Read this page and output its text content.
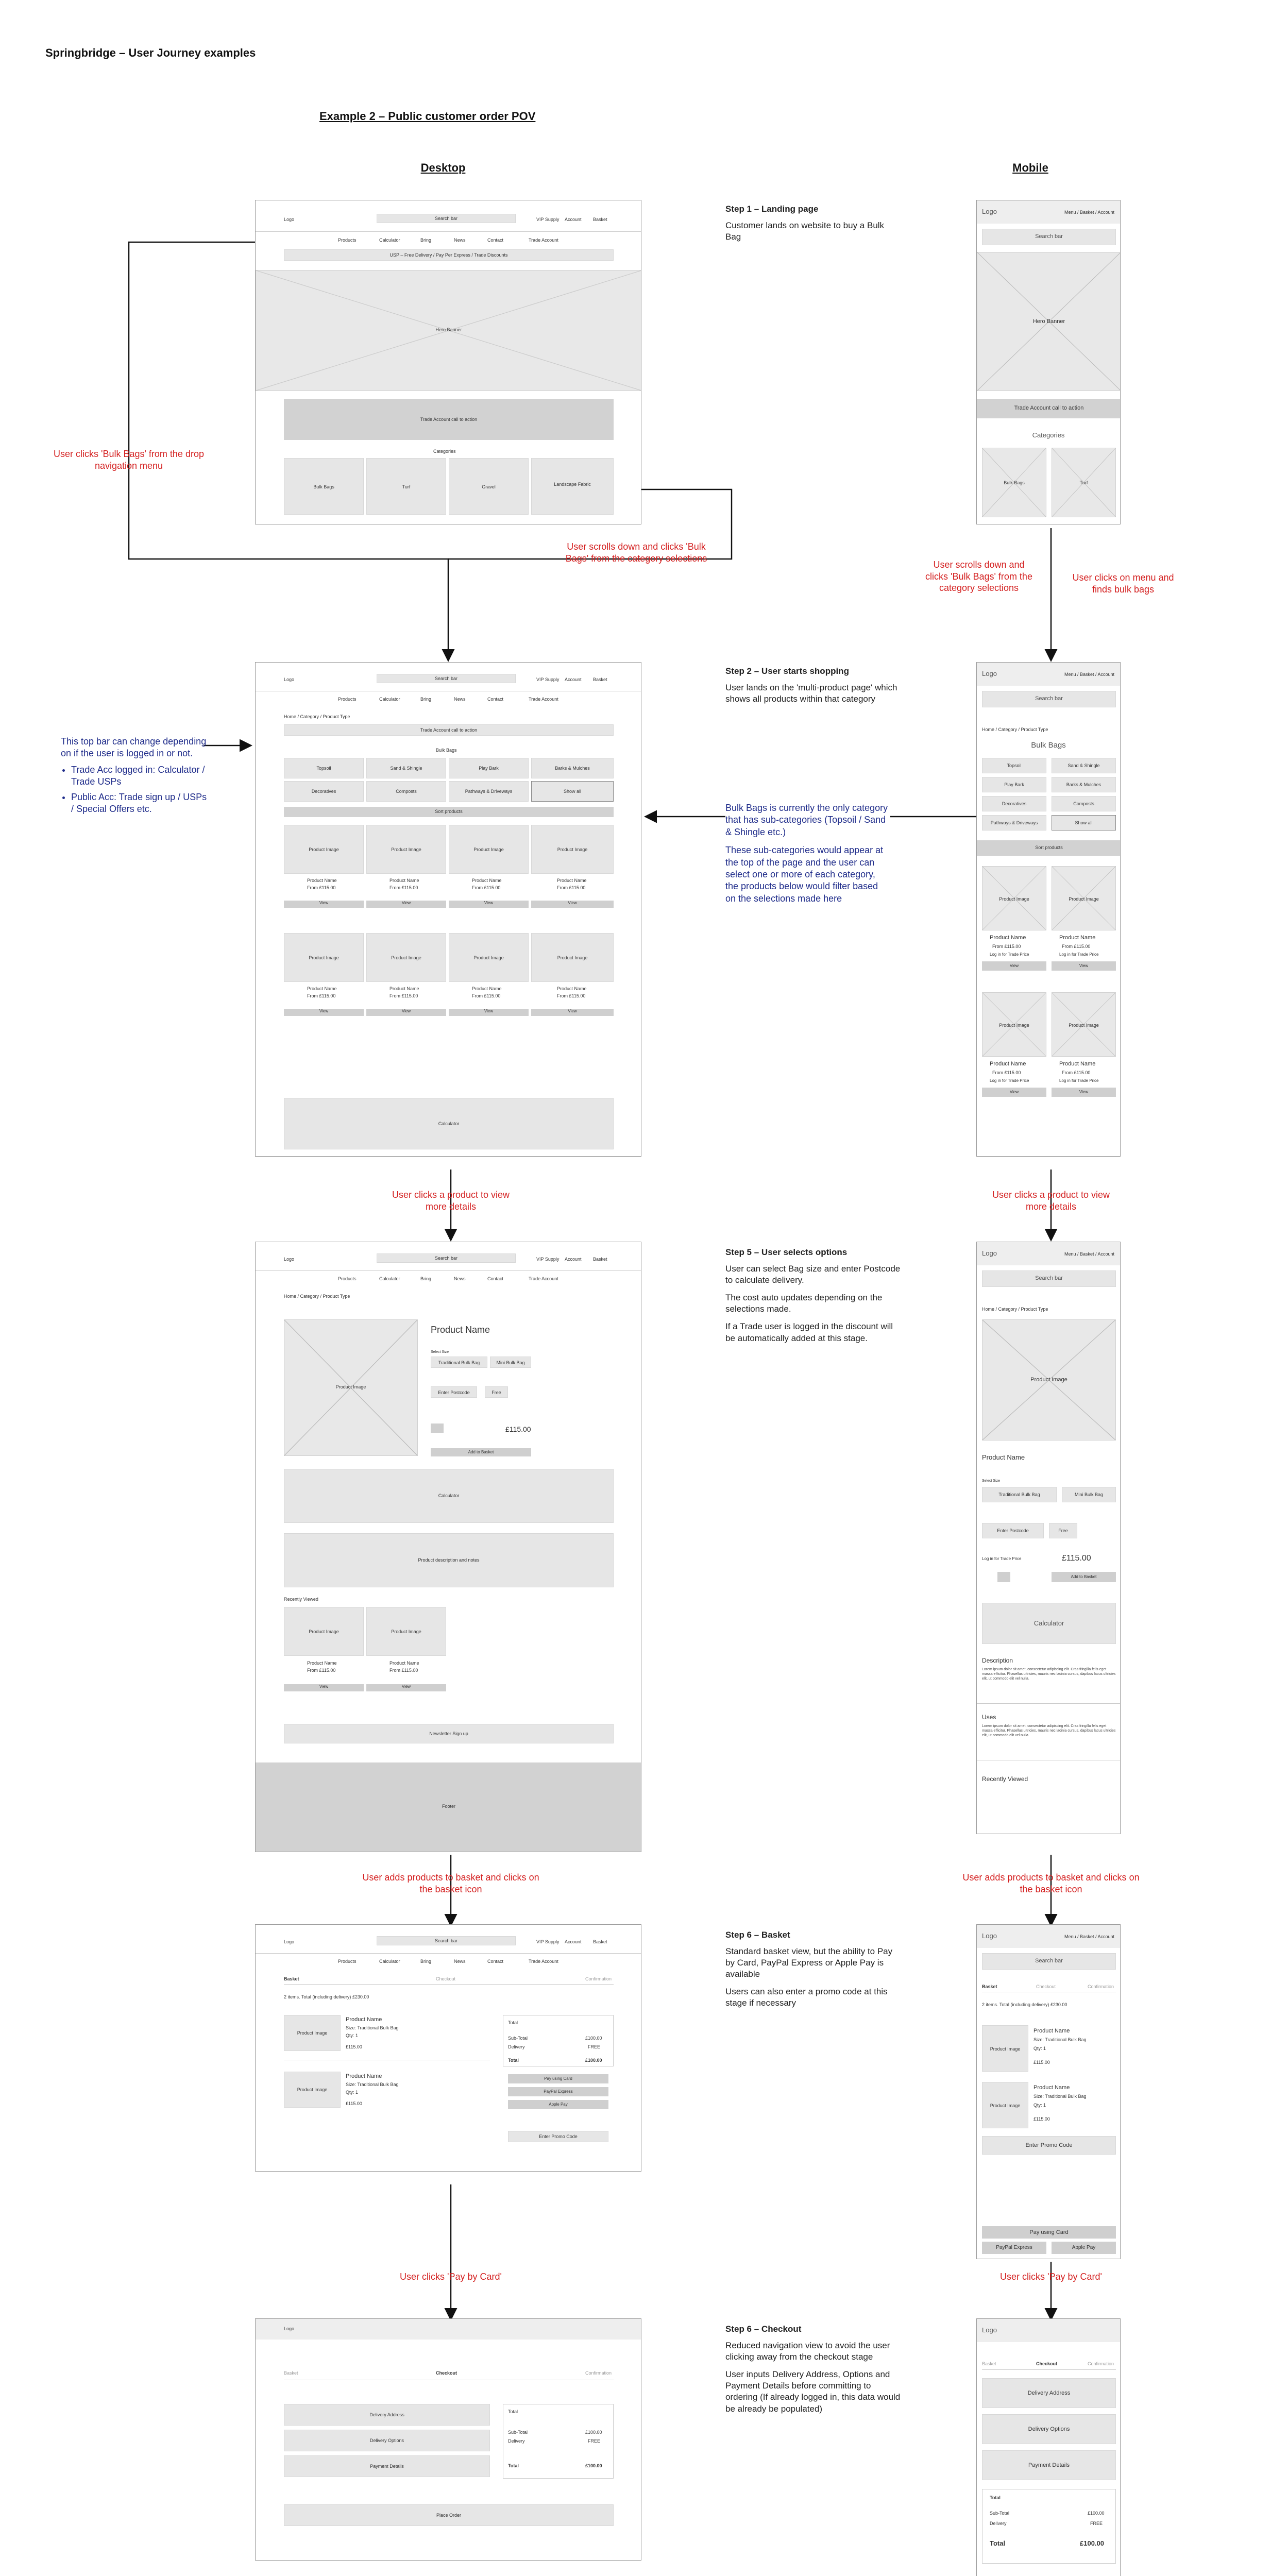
Springbridge – User Journey examples
Example 2 – Public customer order POV
Desktop	Mobile
Step 1 – Landing page

Customer lands on website to buy a Bulk Bag

Step 2 – User starts shopping

User lands on the 'multi-product page' which shows all products within that category

Step 5 – User selects options

User can select Bag size and enter Postcode to calculate delivery.

The cost auto updates depending on the selections made.

If a Trade user is logged in the discount will be automatically added at this stage.

Step 6 – Basket

Standard basket view, but the ability to Pay by Card, PayPal Express or Apple Pay is available

Users can also enter a promo code at this stage if necessary

Step 6 – Checkout

Reduced navigation view to avoid the user clicking away from the checkout stage

User inputs Delivery Address, Options and Payment Details before committing to ordering (If already logged in, this data would be already be populated)

User clicks 'Bulk Bags' from the drop navigation menu
User scrolls down and clicks 'Bulk Bags' from the category selections
User scrolls down and clicks 'Bulk Bags' from the category selections
User clicks on menu and finds bulk bags
User clicks a product to view more details
User clicks a product to view more details
User adds products to basket and clicks on the basket icon
User adds products to basket and clicks on the basket icon
User clicks 'Pay by Card'	User clicks 'Pay by Card'
This top bar can change depending on if the user is logged in or not.
• Trade Acc logged in: Calculator / Trade USPs
• Public Acc: Trade sign up / USPs / Special Offers etc.	Bulk Bags is currently the only category that has sub-categories (Topsoil / Sand & Shingle etc.)

These sub-categories would appear at the top of the page and the user can select one or more of each category, the products below would filter based on the selections made here

Logo	Search bar	VIP Supply Account Basket
Products	Calculator	Bring	News	Contact	Trade Account
USP – Free Delivery / Pay Per Express / Trade Discounts
Hero Banner
Trade Account call to action
Categories
Bulk Bags	Turf	Gravel	Landscape Fabric
Logo	Menu / Basket / Account
Search bar
Hero Banner
Trade Account call to action
Categories
Bulk Bags	Turf
Logo	Search bar	VIP Supply Account Basket
Products	Calculator	Bring	News	Contact	Trade Account
Home / Category / Product Type
Trade Account call to action
Bulk Bags
Topsoil	Sand & Shingle	Play Bark	Barks & Mulches
Decoratives	Composts	Pathways & Driveways	Show all
Sort products
Product Image	Product Image	Product Image	Product Image
Product Name	Product Name	Product Name	Product Name
From £115.00	From £115.00	From £115.00	From £115.00
View	View	View	View
Product Image	Product Image	Product Image	Product Image
Product Name	Product Name	Product Name	Product Name
From £115.00	From £115.00	From £115.00	From £115.00
View	View	View	View
Calculator
Logo	Menu / Basket / Account
Search bar
Home / Category / Product Type
Bulk Bags
Topsoil	Sand & Shingle
Play Bark	Barks & Mulches
Decoratives	Composts
Pathways & Driveways	Show all
Sort products
Product Image	Product Image
Product Name	Product Name
From £115.00	From £115.00
Log in for Trade Price	Log in for Trade Price
View	View
Product Image	Product Image
Product Name	Product Name
From £115.00	From £115.00
Log in for Trade Price	Log in for Trade Price
View	View
Logo	Search bar	VIP Supply Account Basket
Products	Calculator	Bring	News	Contact	Trade Account
Home / Category / Product Type
Product Image
Product Name
Select Size
Traditional Bulk Bag	Mini Bulk Bag
Enter Postcode	Free
£115.00
Add to Basket
Calculator
Product description and notes
Recently Viewed
Product Image	Product Image
Product Name	Product Name
From £115.00	From £115.00
View	View
Newsletter Sign up
Footer
Logo	Menu / Basket / Account
Search bar
Home / Category / Product Type
Product Image
Product Name
Select Size
Traditional Bulk Bag	Mini Bulk Bag
Enter Postcode	Free
Log in for Trade Price	£115.00
Add to Basket
Calculator
Description
Lorem ipsum dolor sit amet, consectetur adipiscing elit. Cras fringilla felis eget massa efficitur. Phasellus ultricies, mauris nec lacinia cursus, dapibus lacus ultricies elit, ut commodo elit vel nulla.
Uses
Lorem ipsum dolor sit amet, consectetur adipiscing elit. Cras fringilla felis eget massa efficitur. Phasellus ultricies, mauris nec lacinia cursus, dapibus lacus ultricies elit, ut commodo elit vel nulla.
Recently Viewed
Logo	Search bar	VIP Supply Account Basket
Products	Calculator	Bring	News	Contact	Trade Account
Basket	Checkout	Confirmation
2 items. Total (including delivery) £230.00
Product Image
Product Name
Size: Traditional Bulk Bag
Qty: 1
£115.00
Product Image
Product Name
Size: Traditional Bulk Bag
Qty: 1
£115.00
Total
Sub-Total	£100.00
Delivery	FREE
Total	£100.00
Pay using Card
PayPal Express
Apple Pay
Enter Promo Code
Logo	Menu / Basket / Account
Search bar
Basket	Checkout	Confirmation
2 items. Total (including delivery) £230.00
Product Image
Product Name
Size: Traditional Bulk Bag
Qty: 1
£115.00
Product Image
Product Name
Size: Traditional Bulk Bag
Qty: 1
£115.00
Enter Promo Code
Pay using Card
PayPal Express	Apple Pay
Logo
Basket	Checkout	Confirmation
Delivery Address
Delivery Options
Payment Details
Total
Sub-Total	£100.00
Delivery	FREE
Total	£100.00
Place Order
Logo
Basket	Checkout	Confirmation
Delivery Address
Delivery Options
Payment Details
Total
Sub-Total	£100.00
Delivery	FREE
Total	£100.00
